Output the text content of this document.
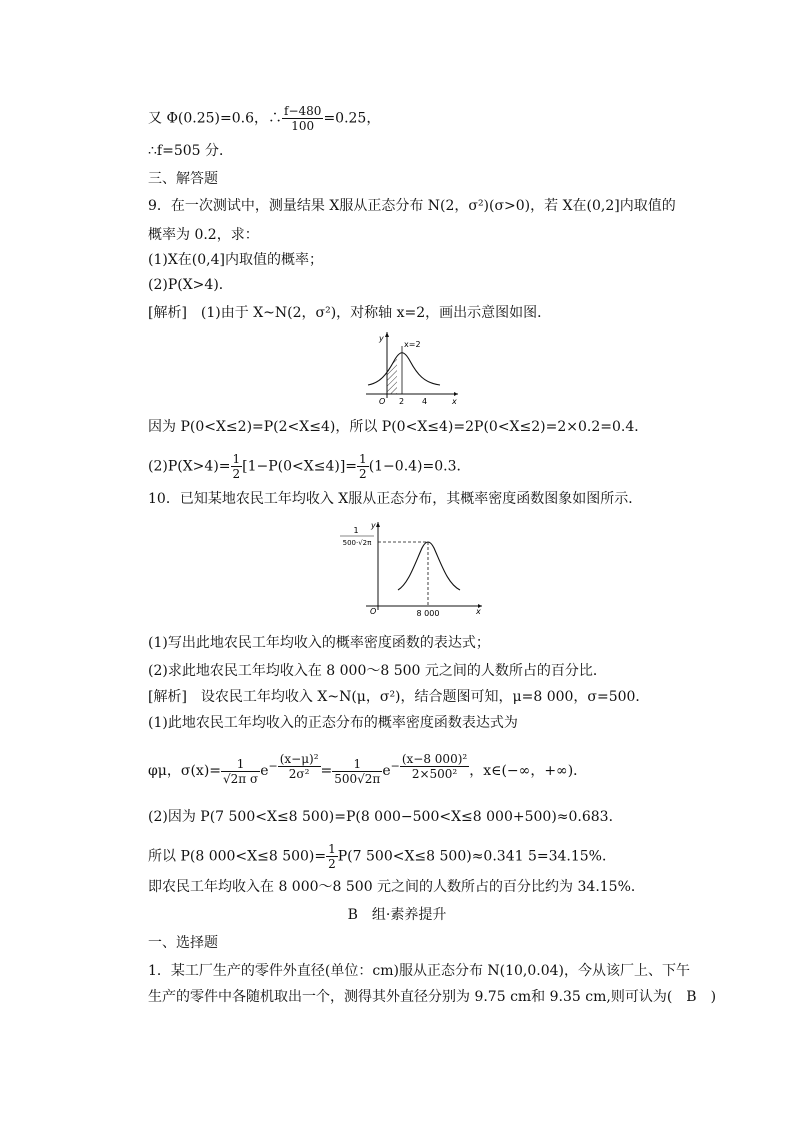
又 Φ(0.25)=0.6，∴ $\frac{f-480}{100} =0.25$，
∴f=505 分．
三、解答题
9．在一次测试中，测量结果 X服从正态分布 N(2，σ²)(σ>0)，若 X在(0,2]内取值的
概率为 0.2，求：
(1)X在(0,4]内取值的概率；
(2)P(X>4)．
[解析]　(1)由于 X~N(2，σ²)，对称轴 x=2，画出示意图如图．
x=2
y
x
O 2 4
因为 P(0<X≤2)=P(2<X≤4)，所以 P(0<X≤4)=2P(0<X≤2)=2×0.2=0.4．
$(2)P(X>4)= \frac{1}{2} [1-P(0<X\le 4)]= \frac{1}{2} (1-0.4)=0.3$．
10．已知某地农民工年均收入 X服从正态分布，其概率密度函数图象如图所示．
1
500·√2π
y
x
O	8 000
(1)写出此地农民工年均收入的概率密度函数的表达式；
(2)求此地农民工年均收入在 8 000～8 500 元之间的人数所占的百分比．
[解析]　设农民工年均收入 X~N(μ，σ²)，结合题图可知，μ=8 000，σ=500．
(1)此地农民工年均收入的正态分布的概率密度函数表达式为
φμ，$\sigma(x)= \frac{1}{\text{√2π σ}} e- \frac{\text{(x−μ)²}}{\text{2σ²}} = \frac{1}{500√2\pi} e- \frac{\text{(x−8 000)²}}{\text{2×500²}}$ ，x∈(−∞，+∞)．
(2)因为 P(7 500<X≤8 500)=P(8 000−500<X≤8 000+500)≈0.683．
所以 P(8 000<X≤8 $500)= \frac{1}{2} P(7$ 500<X≤8 500)≈0.341 5=34.15%．
即农民工年均收入在 8 000～8 500 元之间的人数所占的百分比约为 34.15%．
B　组·素养提升
一、选择题
1．某工厂生产的零件外直径(单位：cm)服从正态分布 N(10,0.04)，今从该厂上、下午
生产的零件中各随机取出一个，测得其外直径分别为 9.75 cm和 9.35 cm,则可认为(　B　)
